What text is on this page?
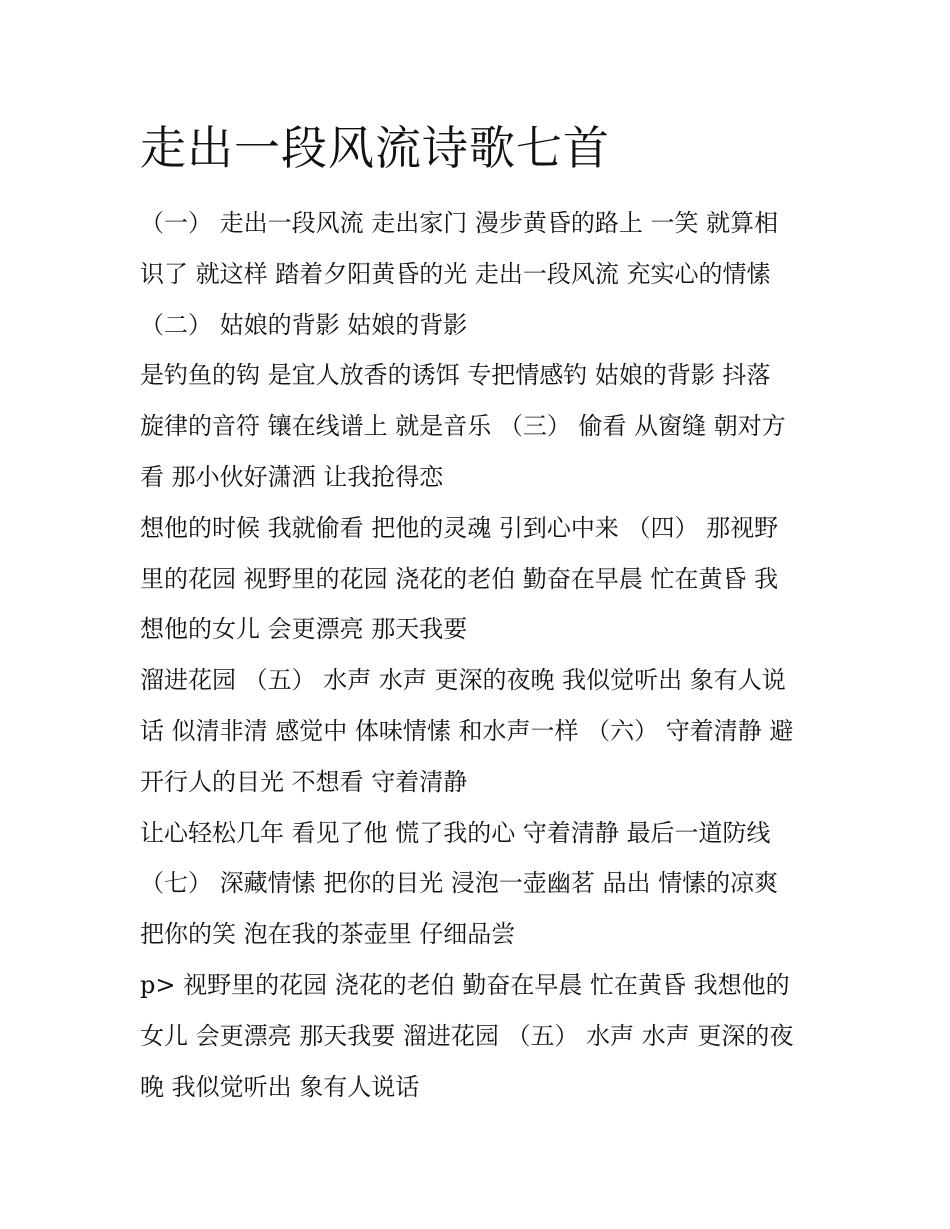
走出一段风流诗歌七首
（一） 走出一段风流 走出家门 漫步黄昏的路上 一笑 就算相
识了 就这样 踏着夕阳黄昏的光 走出一段风流 充实心的情愫
（二） 姑娘的背影 姑娘的背影
是钓鱼的钩 是宜人放香的诱饵 专把情感钓 姑娘的背影 抖落
旋律的音符 镶在线谱上 就是音乐 （三） 偷看 从窗缝 朝对方
看 那小伙好潇洒 让我抢得恋
想他的时候 我就偷看 把他的灵魂 引到心中来 （四） 那视野
里的花园 视野里的花园 浇花的老伯 勤奋在早晨 忙在黄昏 我
想他的女儿 会更漂亮 那天我要
溜进花园 （五） 水声 水声 更深的夜晚 我似觉听出 象有人说
话 似清非清 感觉中 体味情愫 和水声一样 （六） 守着清静 避
开行人的目光 不想看 守着清静
让心轻松几年 看见了他 慌了我的心 守着清静 最后一道防线
（七） 深藏情愫 把你的目光 浸泡一壶幽茗 品出 情愫的凉爽
把你的笑 泡在我的茶壶里 仔细品尝
p> 视野里的花园 浇花的老伯 勤奋在早晨 忙在黄昏 我想他的
女儿 会更漂亮 那天我要 溜进花园 （五） 水声 水声 更深的夜
晚 我似觉听出 象有人说话
